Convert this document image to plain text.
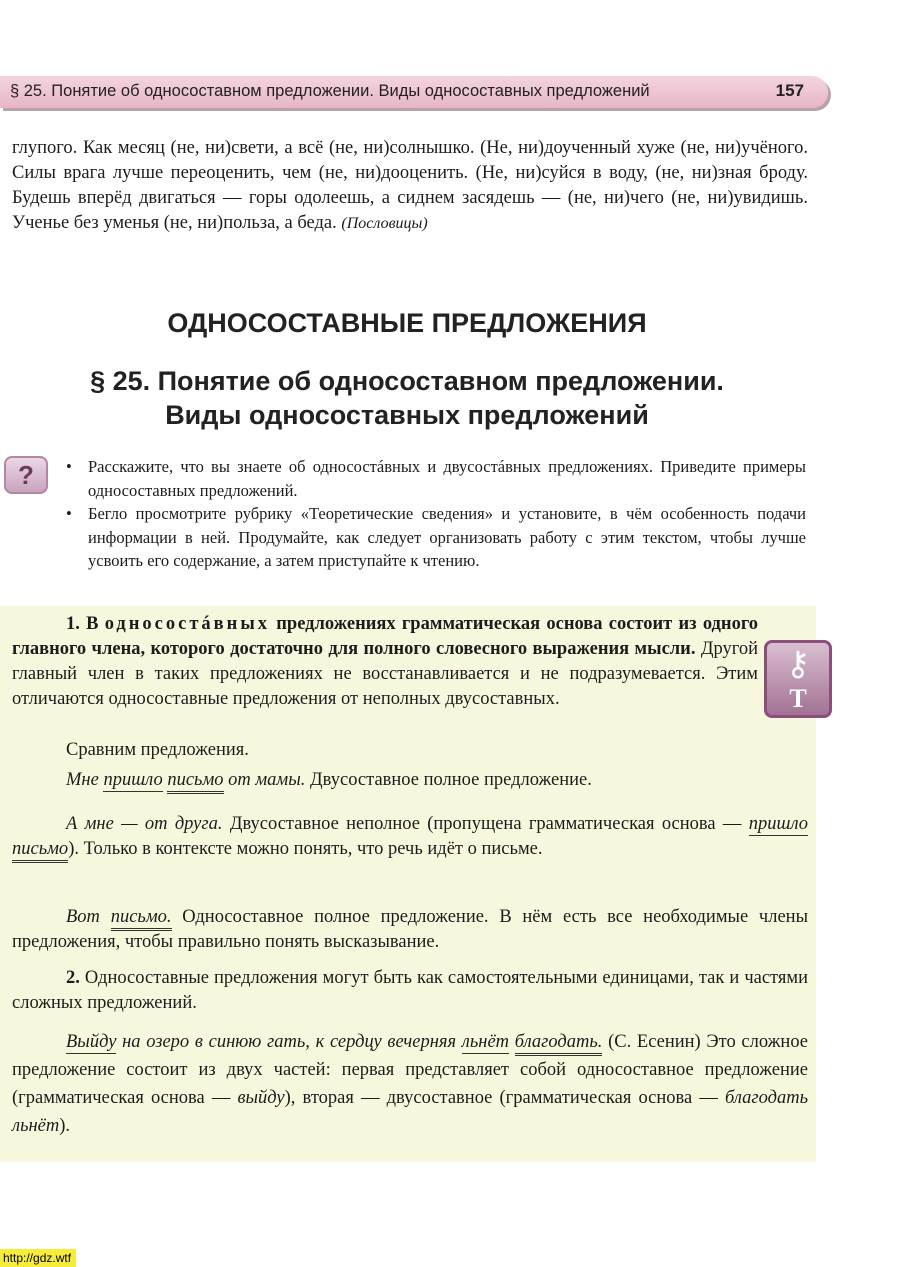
§ 25. Понятие об односоставном предложении. Виды односоставных предложений	157

глупого. Как месяц (не, ни)свети, а всё (не, ни)солнышко. (Не, ни)доученный хуже (не, ни)учёного. Силы врага лучше переоценить, чем (не, ни)дооценить. (Не, ни)суйся в воду, (не, ни)зная броду. Будешь вперёд двигаться — горы одолеешь, а сиднем засядешь — (не, ни)чего (не, ни)увидишь. Ученье без уменья (не, ни)польза, а беда. (Пословицы)

ОДНОСОСТАВНЫЕ ПРЕДЛОЖЕНИЯ
§ 25. Понятие об односоставном предложении.
Виды односоставных предложений
?	• Расскажите, что вы знаете об односостáвных и двусостáвных предложениях. Приведите примеры односоставных предложений.
• Бегло просмотрите рубрику «Теоретические сведения» и установите, в чём особенность подачи информации в ней. Продумайте, как следует организовать работу с этим текстом, чтобы лучше усвоить его содержание, а затем приступайте к чтению.
⚷
Т

1. В односостáвных предложениях грамматическая основа состоит из одного главного члена, которого достаточно для полного словесного выражения мысли. Другой главный член в таких предложениях не восстанавливается и не подразумевается. Этим отличаются односоставные предложения от неполных двусоставных.

Сравним предложения.

Мне пришло письмо от мамы. Двусоставное полное предложение.

А мне — от друга. Двусоставное неполное (пропущена грамматическая основа — пришло письмо). Только в контексте можно понять, что речь идёт о письме.

Вот письмо. Односоставное полное предложение. В нём есть все необходимые члены предложения, чтобы правильно понять высказывание.

2. Односоставные предложения могут быть как самостоятельными единицами, так и частями сложных предложений.

Выйду на озеро в синюю гать, к сердцу вечерняя льнёт благодать. (С. Есенин) Это сложное предложение состоит из двух частей: первая представляет собой односоставное предложение (грамматическая основа — выйду), вторая — двусоставное (грамматическая основа — благодать льнёт).

http://gdz.wtf
